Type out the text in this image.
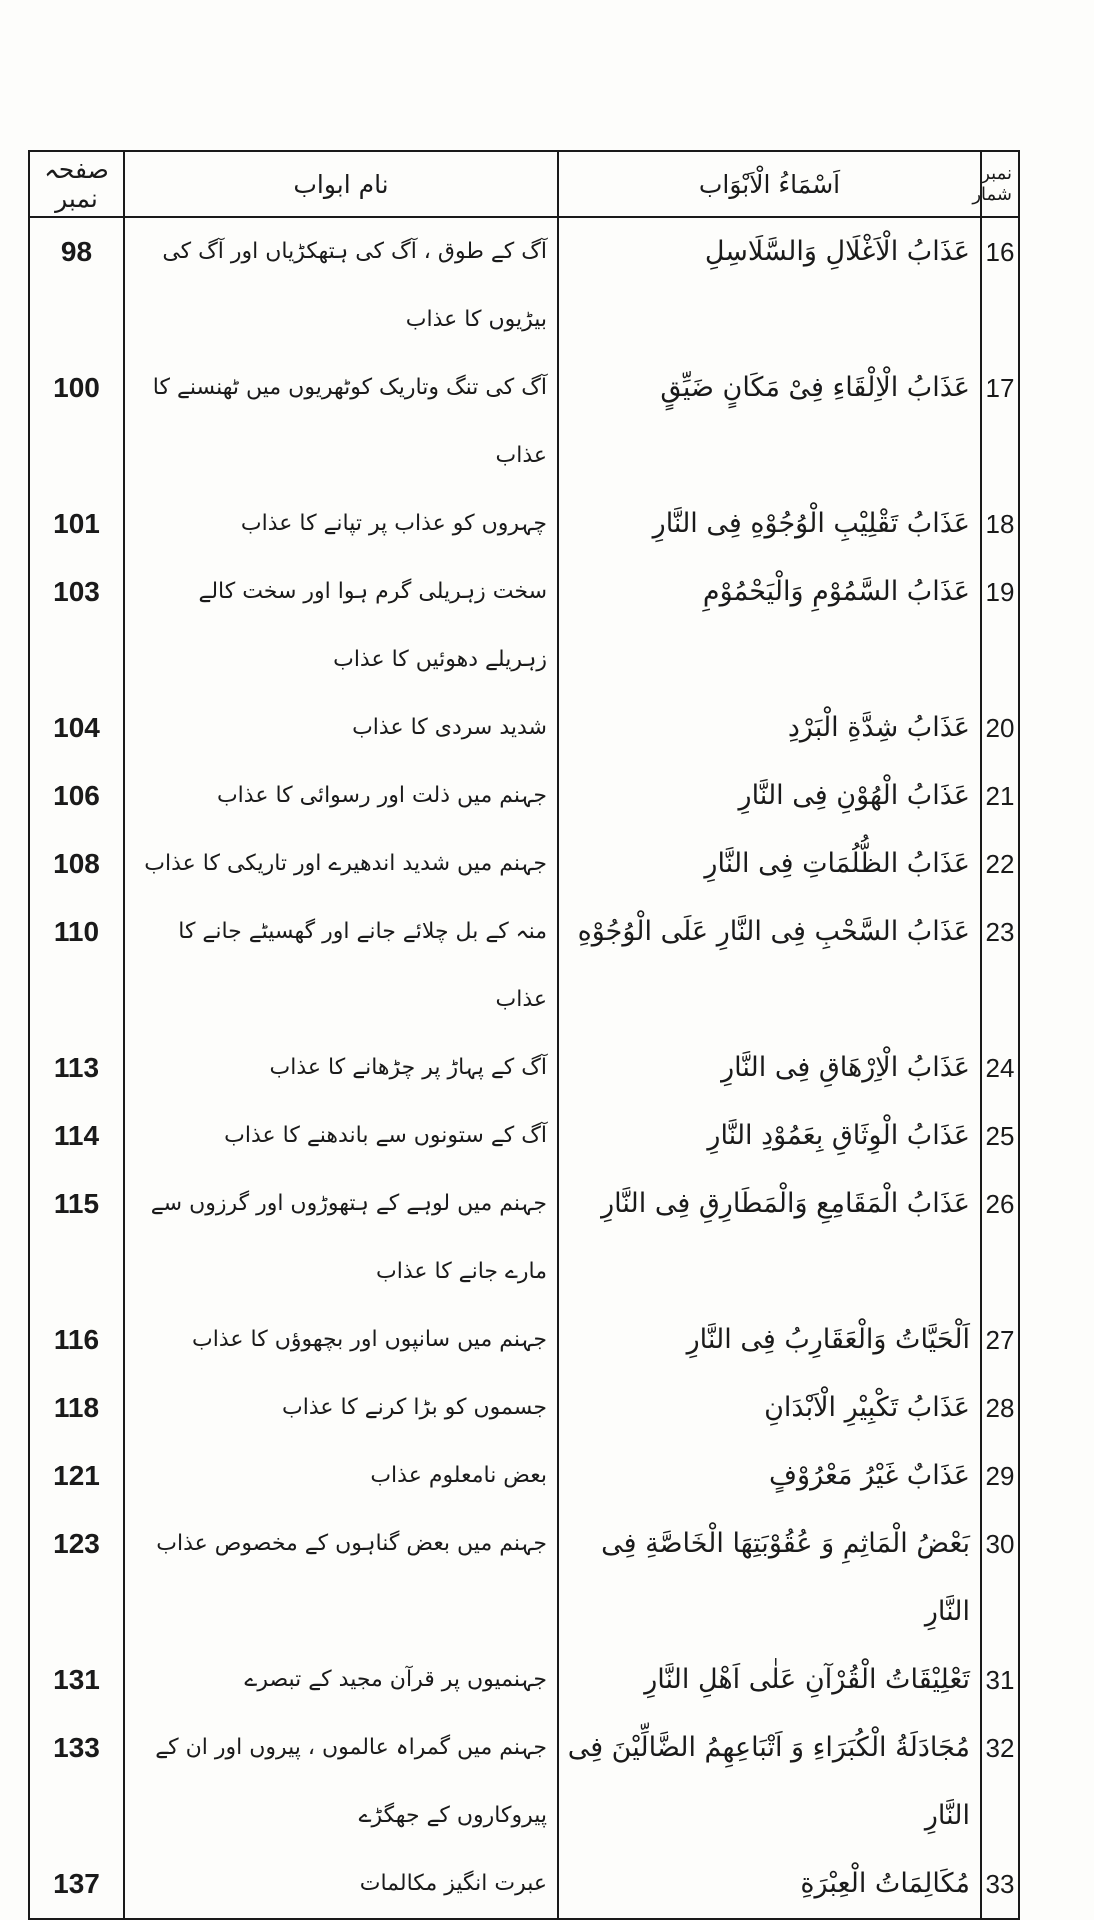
صفحہ نمبر	نام ابواب	اَسْمَاءُ الْاَبْوَاب	نمبر شمار
98	آگ کے طوق ، آگ کی ہتھکڑیاں اور آگ کی بیڑیوں کا عذاب	عَذَابُ الْاَغْلَالِ وَالسَّلَاسِلِ	16
100	آگ کی تنگ وتاریک کوٹھریوں میں ٹھنسنے کا عذاب	عَذَابُ الْاِلْقَاءِ فِیْ مَكَانٍ ضَیِّقٍ	17
101	چہروں کو عذاب پر تپانے کا عذاب	عَذَابُ تَقْلِیْبِ الْوُجُوْهِ فِی النَّارِ	18
103	سخت زہریلی گرم ہوا اور سخت کالے زہریلے دھوئیں کا عذاب	عَذَابُ السَّمُوْمِ وَالْیَحْمُوْمِ	19
104	شدید سردی کا عذاب	عَذَابُ شِدَّةِ الْبَرْدِ	20
106	جہنم میں ذلت اور رسوائی کا عذاب	عَذَابُ الْهُوْنِ فِی النَّارِ	21
108	جہنم میں شدید اندھیرے اور تاریکی کا عذاب	عَذَابُ الظُّلُمَاتِ فِی النَّارِ	22
110	منہ کے بل چلائے جانے اور گھسیٹے جانے کا عذاب	عَذَابُ السَّحْبِ فِی النَّارِ عَلَى الْوُجُوْهِ	23
113	آگ کے پہاڑ پر چڑھانے کا عذاب	عَذَابُ الْاِرْهَاقِ فِی النَّارِ	24
114	آگ کے ستونوں سے باندھنے کا عذاب	عَذَابُ الْوِثَاقِ بِعَمُوْدِ النَّارِ	25
115	جہنم میں لوہے کے ہتھوڑوں اور گرزوں سے مارے جانے کا عذاب	عَذَابُ الْمَقَامِعِ وَالْمَطَارِقِ فِی النَّارِ	26
116	جہنم میں سانپوں اور بچھوؤں کا عذاب	اَلْحَیَّاتُ وَالْعَقَارِبُ فِی النَّارِ	27
118	جسموں کو بڑا کرنے کا عذاب	عَذَابُ تَكْبِیْرِ الْاَبْدَانِ	28
121	بعض نامعلوم عذاب	عَذَابٌ غَیْرُ مَعْرُوْفٍ	29
123	جہنم میں بعض گناہوں کے مخصوص عذاب	بَعْضُ الْمَاثِمِ وَ عُقُوْبَتِهَا الْخَاصَّةِ فِی النَّارِ	30
131	جہنمیوں پر قرآن مجید کے تبصرے	تَعْلِیْقَاتُ الْقُرْآنِ عَلٰى اَهْلِ النَّارِ	31
133	جہنم میں گمراہ عالموں ، پیروں اور ان کے پیروکاروں کے جھگڑے	مُجَادَلَةُ الْكُبَرَاءِ وَ اَتْبَاعِهِمُ الضَّالِّیْنَ فِی النَّارِ	32
137	عبرت انگیز مکالمات	مُكَالِمَاتُ الْعِبْرَةِ	33
